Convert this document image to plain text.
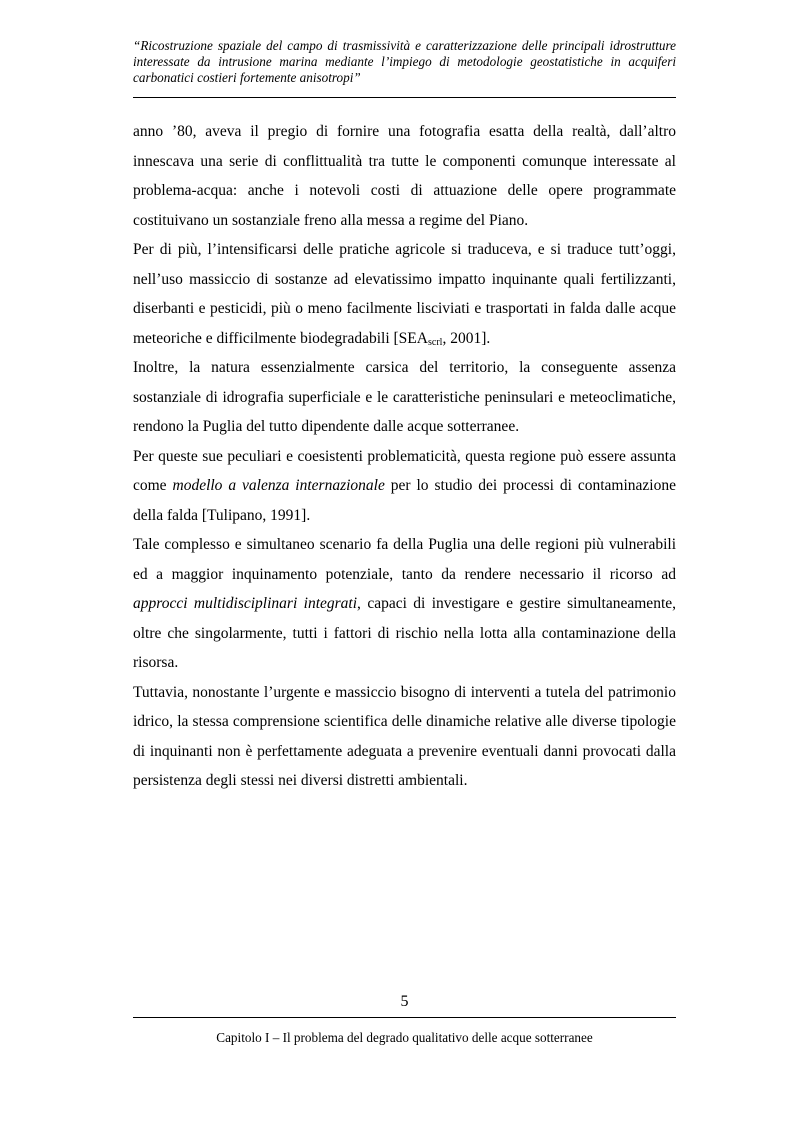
“Ricostruzione spaziale del campo di trasmissività e caratterizzazione delle principali idrostrutture interessate da intrusione marina mediante l’impiego di metodologie geostatistiche in acquiferi carbonatici costieri fortemente anisotropi”

anno ’80, aveva il pregio di fornire una fotografia esatta della realtà, dall’altro innescava una serie di conflittualità tra tutte le componenti comunque interessate al problema-acqua: anche i notevoli costi di attuazione delle opere programmate costituivano un sostanziale freno alla messa a regime del Piano.

Per di più, l’intensificarsi delle pratiche agricole si traduceva, e si traduce tutt’oggi, nell’uso massiccio di sostanze ad elevatissimo impatto inquinante quali fertilizzanti, diserbanti e pesticidi, più o meno facilmente lisciviati e trasportati in falda dalle acque meteoriche e difficilmente biodegradabili [$SEA_{scrl}$, 2001].

Inoltre, la natura essenzialmente carsica del territorio, la conseguente assenza sostanziale di idrografia superficiale e le caratteristiche peninsulari e meteoclimatiche, rendono la Puglia del tutto dipendente dalle acque sotterranee.

Per queste sue peculiari e coesistenti problematicità, questa regione può essere assunta come modello a valenza internazionale per lo studio dei processi di contaminazione della falda [Tulipano, 1991].

Tale complesso e simultaneo scenario fa della Puglia una delle regioni più vulnerabili ed a maggior inquinamento potenziale, tanto da rendere necessario il ricorso ad approcci multidisciplinari integrati, capaci di investigare e gestire simultaneamente, oltre che singolarmente, tutti i fattori di rischio nella lotta alla contaminazione della risorsa.

Tuttavia, nonostante l’urgente e massiccio bisogno di interventi a tutela del patrimonio idrico, la stessa comprensione scientifica delle dinamiche relative alle diverse tipologie di inquinanti non è perfettamente adeguata a prevenire eventuali danni provocati dalla persistenza degli stessi nei diversi distretti ambientali.

5
Capitolo I – Il problema del degrado qualitativo delle acque sotterranee
